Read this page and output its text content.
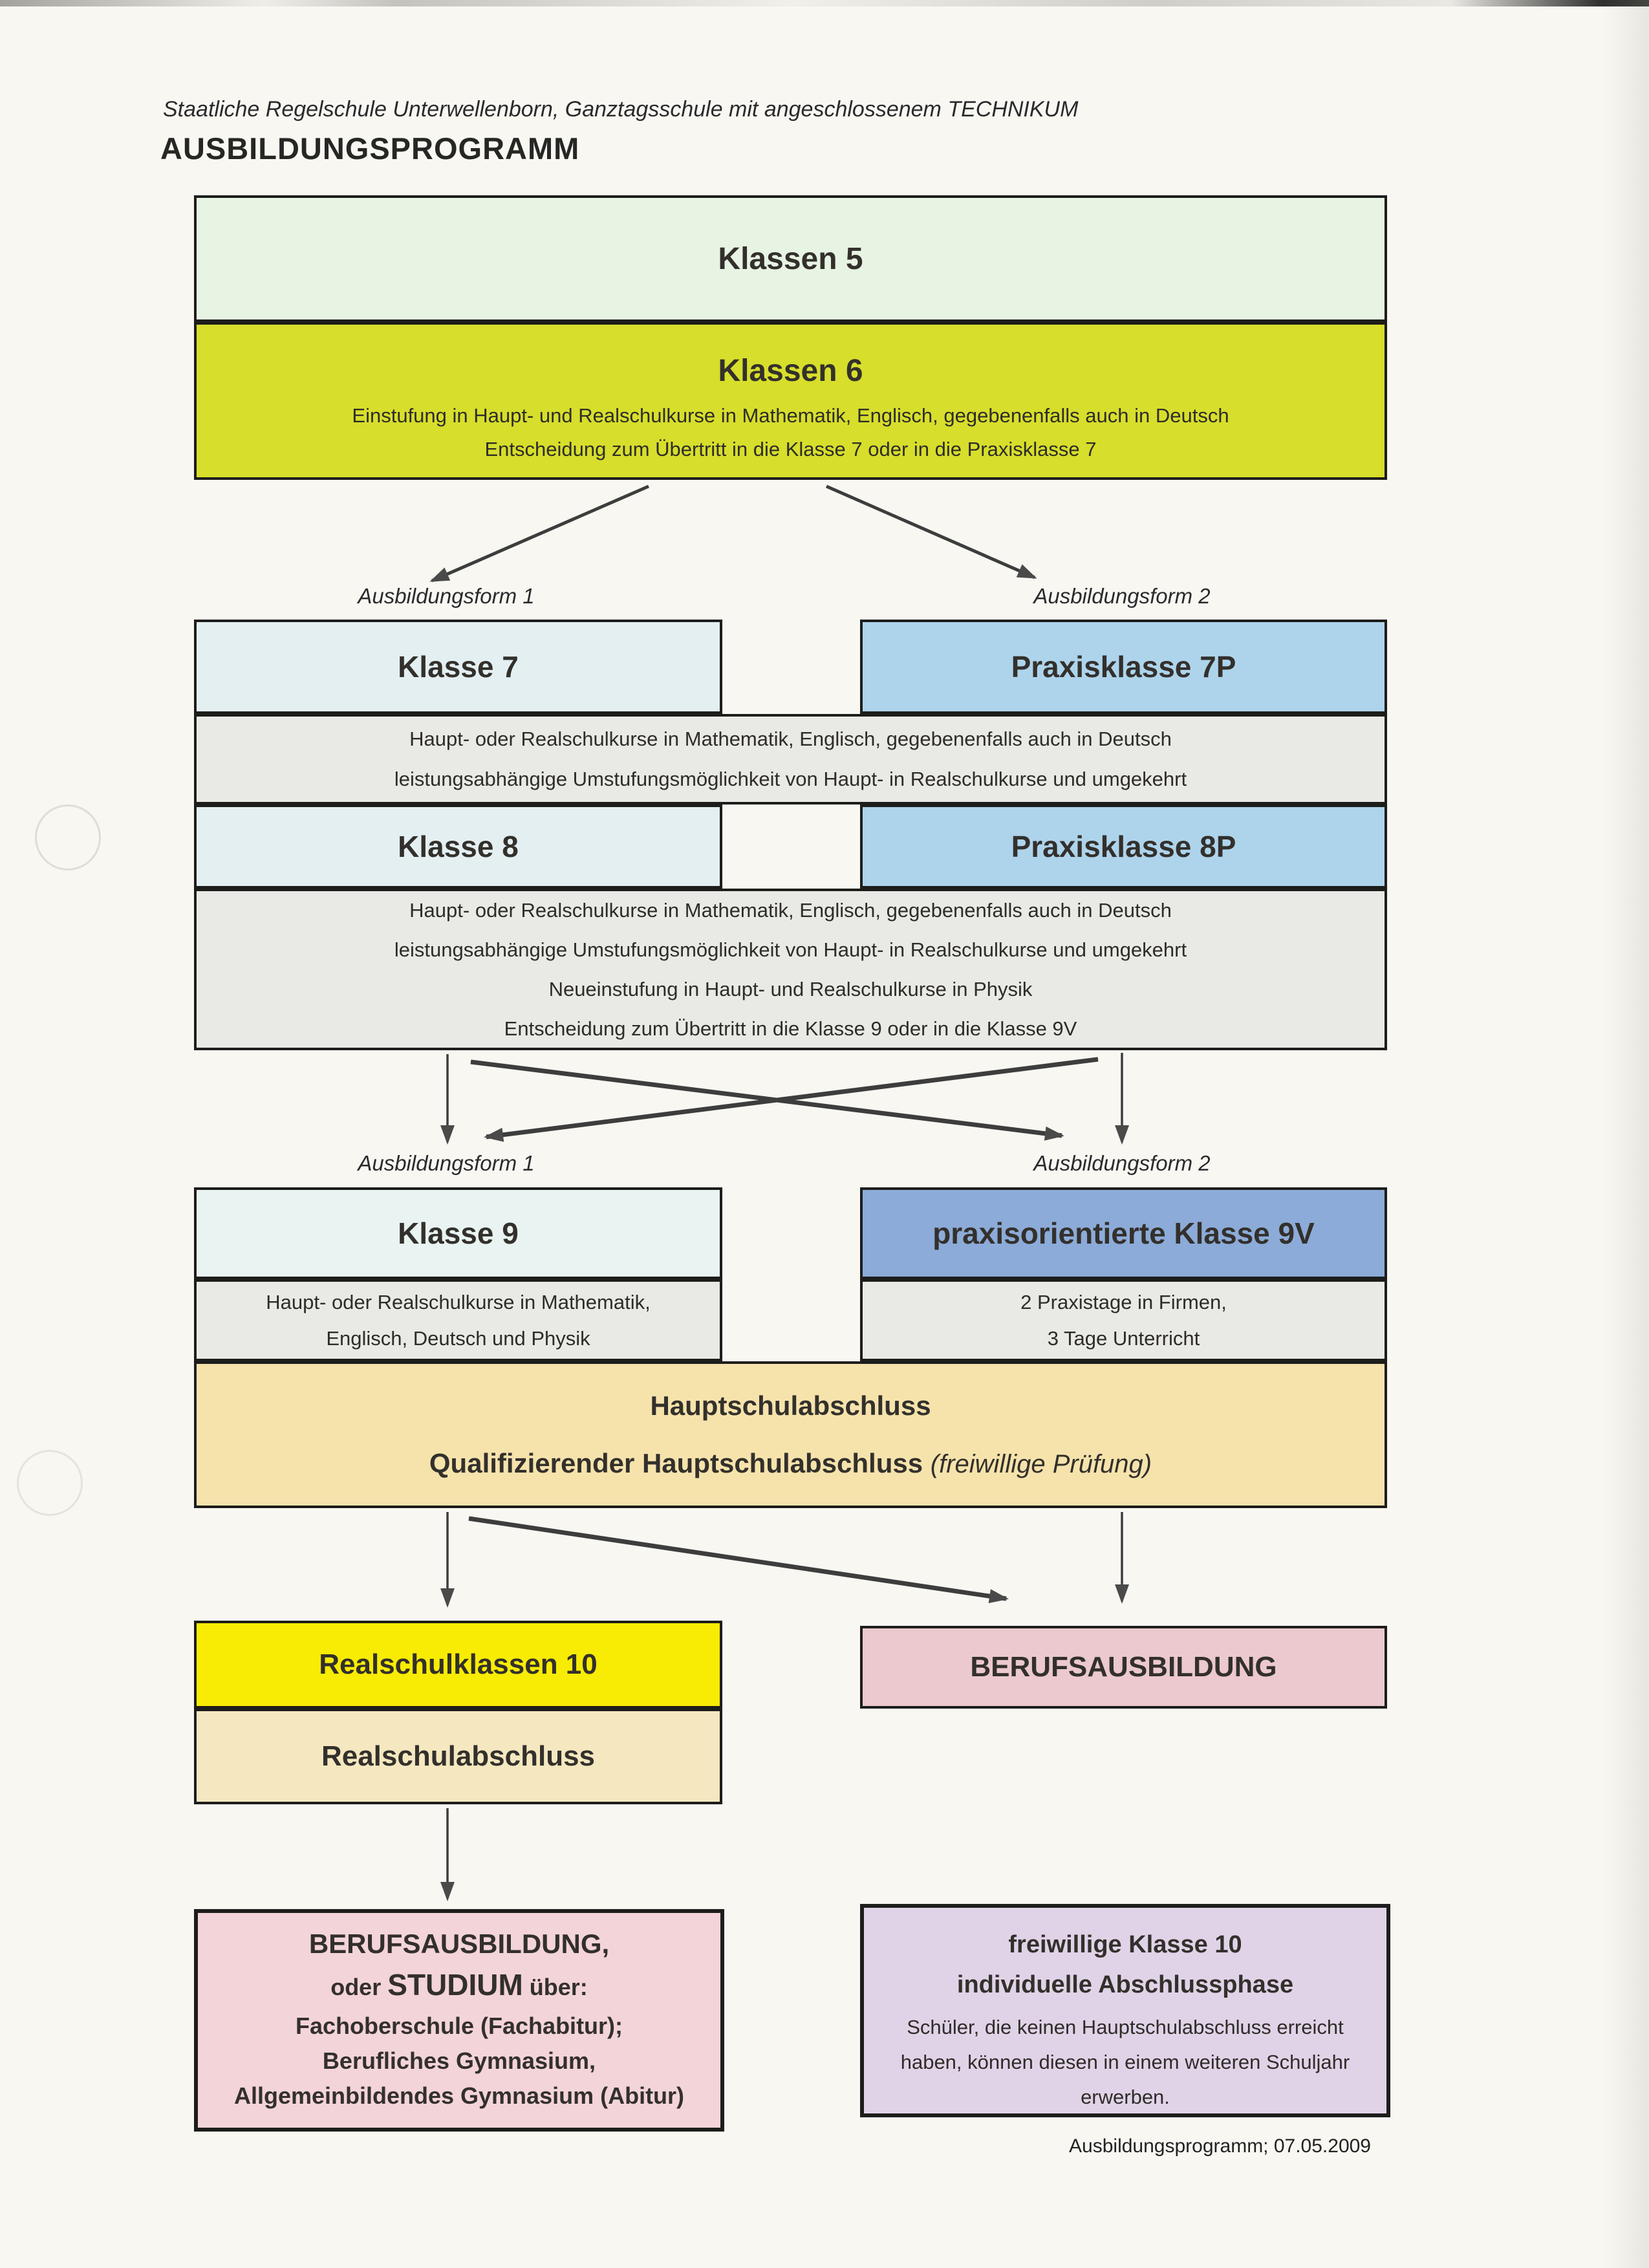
Staatliche Regelschule Unterwellenborn, Ganztagsschule mit angeschlossenem TECHNIKUM
AUSBILDUNGSPROGRAMM
Klassen 5
Klassen 6
Einstufung in Haupt- und Realschulkurse in Mathematik, Englisch, gegebenenfalls auch in Deutsch
Entscheidung zum Übertritt in die Klasse 7 oder in die Praxisklasse 7
Ausbildungsform 1	Ausbildungsform 2
Klasse 7	Praxisklasse 7P
Haupt- oder Realschulkurse in Mathematik, Englisch, gegebenenfalls auch in Deutsch
leistungsabhängige Umstufungsmöglichkeit von Haupt- in Realschulkurse und umgekehrt
Klasse 8	Praxisklasse 8P
Haupt- oder Realschulkurse in Mathematik, Englisch, gegebenenfalls auch in Deutsch
leistungsabhängige Umstufungsmöglichkeit von Haupt- in Realschulkurse und umgekehrt
Neueinstufung in Haupt- und Realschulkurse in Physik
Entscheidung zum Übertritt in die Klasse 9 oder in die Klasse 9V
Ausbildungsform 1	Ausbildungsform 2
Klasse 9	praxisorientierte Klasse 9V
Haupt- oder Realschulkurse in Mathematik,
Englisch, Deutsch und Physik
2 Praxistage in Firmen,
3 Tage Unterricht
Hauptschulabschluss
Qualifizierender Hauptschulabschluss (freiwillige Prüfung)
Realschulklassen 10	BERUFSAUSBILDUNG
Realschulabschluss
BERUFSAUSBILDUNG,
oder STUDIUM über:
Fachoberschule (Fachabitur);
Berufliches Gymnasium,
Allgemeinbildendes Gymnasium (Abitur)
freiwillige Klasse 10
individuelle Abschlussphase
Schüler, die keinen Hauptschulabschluss erreicht haben, können diesen in einem weiteren Schuljahr erwerben.
Ausbildungsprogramm; 07.05.2009
